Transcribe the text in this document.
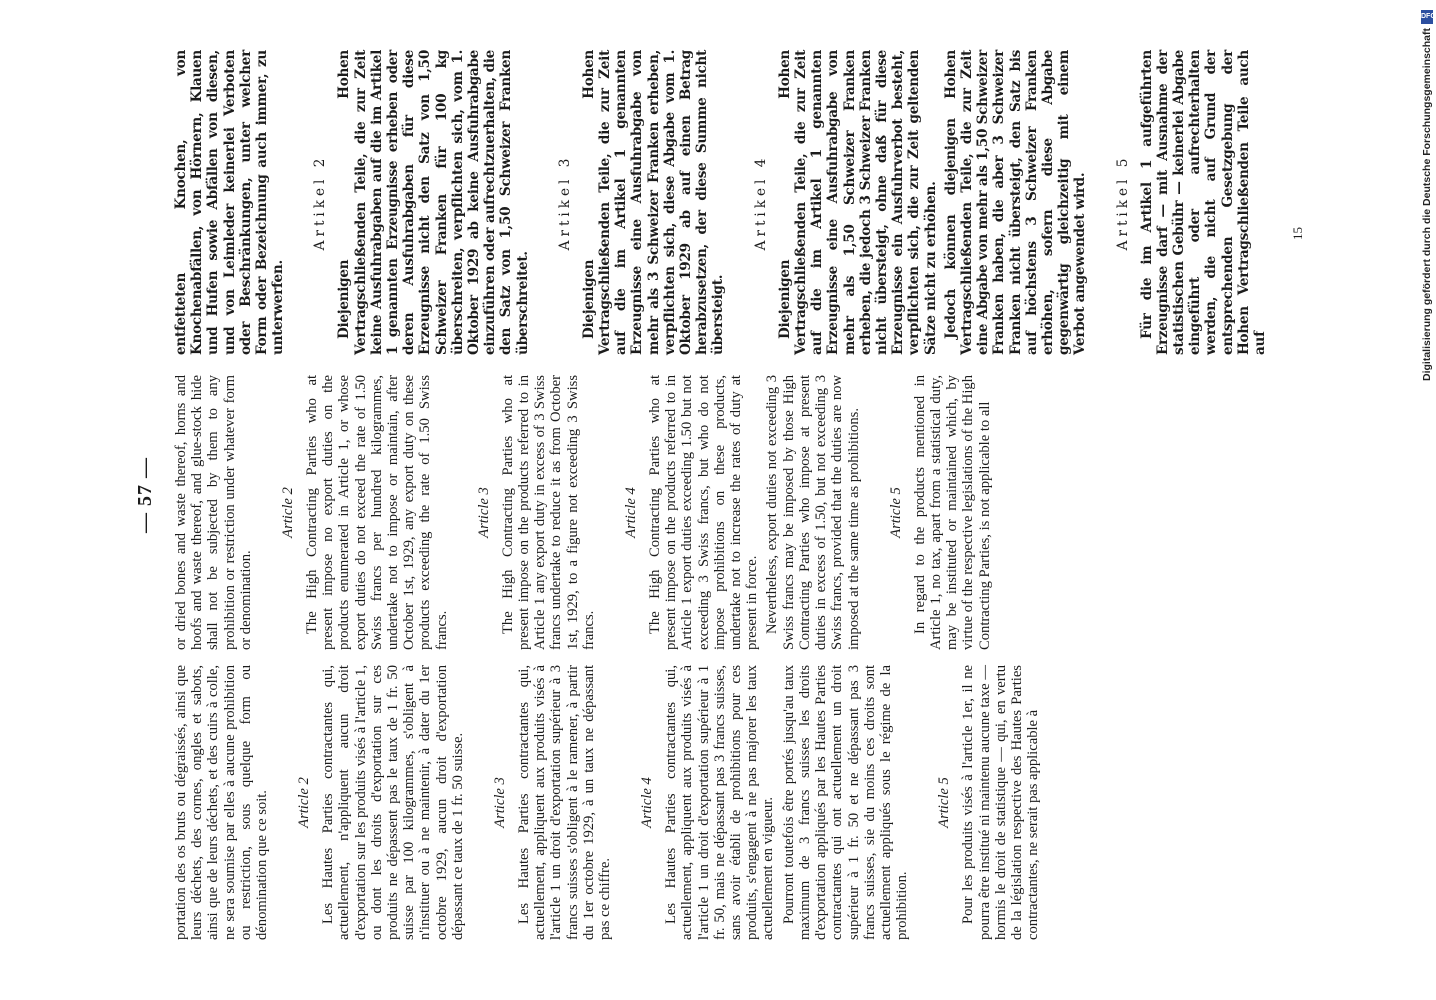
— 57 —

portation des os bruts ou dégraissés, ainsi que leurs déchets, des cornes, ongles et sabots, ainsi que de leurs déchets, et des cuirs à colle, ne sera soumise par elles à aucune prohibition ou restriction, sous quelque form ou dénomination que ce soit. Article 2 Les Hautes Parties contractantes qui, actuellement, n'appliquent aucun droit d'exportation sur les produits visés à l'article 1, ou dont les droits d'exportation sur ces produits ne dépassent pas le taux de 1 fr. 50 suisse par 100 kilogrammes, s'obligent à n'instituer ou à ne maintenir, à dater du 1er octobre 1929, aucun droit d'exportation dépassant ce taux de 1 fr. 50 suisse. Article 3 Les Hautes Parties contractantes qui, actuellement, appliquent aux produits visés à l'article 1 un droit d'exportation supérieur à 3 francs suisses s'obligent à le ramener, à partir du 1er octobre 1929, à un taux ne dépassant pas ce chiffre.

Article 4 Les Hautes Parties contractantes qui, actuellement, appliquent aux produits visés à l'article 1 un droit d'exportation supérieur à 1 fr. 50, mais ne dépassant pas 3 francs suisses, sans avoir établi de prohibitions pour ces produits, s'engagent à ne pas majorer les taux actuellement en vigueur. Pourront toutefois être portés jusqu'au taux maximum de 3 francs suisses les droits d'exportation appliqués par les Hautes Parties contractantes qui ont actuellement un droit supérieur à 1 fr. 50 et ne dépassant pas 3 francs suisses, sie du moins ces droits sont actuellement appliqués sous le régime de la prohibition.

Article 5 Pour les produits visés à l'article 1er, il ne pourra être institué ni maintenu aucune taxe — hormis le droit de statistique — qui, en vertu de la législation respective des Hautes Parties contractantes, ne serait pas applicable à

or dried bones and waste thereof, horns and hoofs and waste thereof, and glue-stock hide shall not be subjected by them to any prohibition or restriction under whatever form or denomination.

Article 2 The High Contracting Parties who at present impose no export duties on the products enumerated in Article 1, or whose export duties do not exceed the rate of 1.50 Swiss francs per hundred kilogrammes, undertake not to impose or maintain, after October 1st, 1929, any export duty on these products exceeding the rate of 1.50 Swiss francs.

Article 3 The High Contracting Parties who at present impose on the products referred to in Article 1 any export duty in excess of 3 Swiss francs undertake to reduce it as from October 1st, 1929, to a figure not exceeding 3 Swiss francs.

Article 4 The High Contracting Parties who at present impose on the products referred to in Article 1 export duties exceeding 1.50 but not exceeding 3 Swiss francs, but who do not impose prohibitions on these products, undertake not to increase the rates of duty at present in force. Nevertheless, export duties not exceeding 3 Swiss francs may be imposed by those High Contracting Parties who impose at present duties in excess of 1.50, but not exceeding 3 Swiss francs, provided that the duties are now imposed at the same time as prohibitions. Article 5 In regard to the products mentioned in Article 1, no tax, apart from a statistical duty, may be instituted or maintained which, by virtue of the respective legislations of the High Contracting Parties, is not applicable to all

entfetteten Knochen, von Knochenabfällen, von Hörnern, Klauen und Hufen sowie Abfällen von diesen, und von Leimleder keinerlei Verboten oder Beschränkungen, unter welcher Form oder Bezeichnung auch immer, zu unterwerfen.

Artikel 2 Diejenigen Hohen Vertragschließenden Teile, die zur Zeit keine Ausfuhrabgaben auf die im Artikel 1 genannten Erzeugnisse erheben oder deren Ausfuhrabgaben für diese Erzeugnisse nicht den Satz von 1,50 Schweizer Franken für 100 kg überschreiten, verpflichten sich, vom 1. Oktober 1929 ab keine Ausfuhrabgabe einzuführen oder aufrechtzuerhalten, die den Satz von 1,50 Schweizer Franken überschreitet.

Artikel 3 Diejenigen Hohen Vertragschließenden Teile, die zur Zeit auf die im Artikel 1 genannten Erzeugnisse eine Ausfuhrabgabe von mehr als 3 Schweizer Franken erheben, verpflichten sich, diese Abgabe vom 1. Oktober 1929 ab auf einen Betrag herabzusetzen, der diese Summe nicht übersteigt.

Artikel 4 Diejenigen Hohen Vertragschließenden Teile, die zur Zeit auf die im Artikel 1 genannten Erzeugnisse eine Ausfuhrabgabe von mehr als 1,50 Schweizer Franken erheben, die jedoch 3 Schweizer Franken nicht übersteigt, ohne daß für diese Erzeugnisse ein Ausfuhrverbot besteht, verpflichten sich, die zur Zeit geltenden Sätze nicht zu erhöhen. Jedoch können diejenigen Hohen Vertragschließenden Teile, die zur Zeit eine Abgabe von mehr als 1,50 Schweizer Franken haben, die aber 3 Schweizer Franken nicht übersteigt, den Satz bis auf höchstens 3 Schweizer Franken erhöhen, sofern diese Abgabe gegenwärtig gleichzeitig mit einem Verbot angewendet wird. Artikel 5 Für die im Artikel 1 aufgeführten Erzeugnisse darf — mit Ausnahme der statistischen Gebühr — keinerlei Abgabe eingeführt oder aufrechterhalten werden, die nicht auf Grund der entsprechenden Gesetzgebung der Hohen Vertragschließenden Teile auch auf

15
DFG
Digitalisierung gefördert durch die Deutsche Forschungsgemeinschaft
